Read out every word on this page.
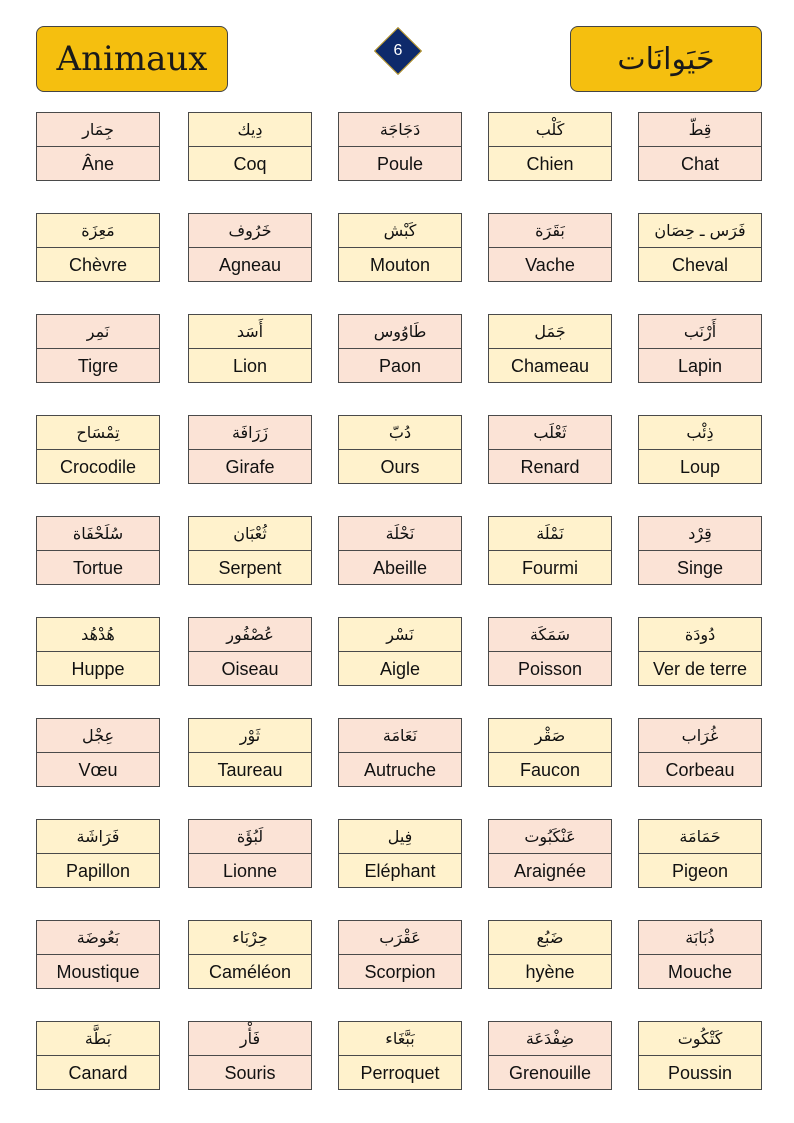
Animaux	6	حَيَوانَات
جِمَار
Âne
دِيك
Coq
دَجَاجَة
Poule
كَلْب
Chien
قِطّ
Chat
مَعِزَة
Chèvre
خَرُوف
Agneau
كَبْش
Mouton
بَقَرَة
Vache
فَرَس ـ حِصَان
Cheval
نَمِر
Tigre
أَسَد
Lion
طَاوُوس
Paon
جَمَل
Chameau
أَرْنَب
Lapin
تِمْسَاح
Crocodile
زَرَافَة
Girafe
دُبّ
Ours
ثَعْلَب
Renard
ذِئْب
Loup
سُلَحْفَاة
Tortue
ثُعْبَان
Serpent
نَحْلَة
Abeille
نَمْلَة
Fourmi
قِرْد
Singe
هُدْهُد
Huppe
عُصْفُور
Oiseau
نَسْر
Aigle
سَمَكَة
Poisson
دُودَة
Ver de terre
عِجْل
Vœu
ثَوْر
Taureau
نَعَامَة
Autruche
صَقْر
Faucon
غُرَاب
Corbeau
فَرَاشَة
Papillon
لَبُؤَة
Lionne
فِيل
Eléphant
عَنْكَبُوت
Araignée
حَمَامَة
Pigeon
بَعُوضَة
Moustique
حِرْبَاء
Caméléon
عَقْرَب
Scorpion
ضَبُع
hyène
ذُبَابَة
Mouche
بَطَّة
Canard
فَأْر
Souris
بَبَّغَاء
Perroquet
ضِفْدَعَة
Grenouille
كَتْكُوت
Poussin
